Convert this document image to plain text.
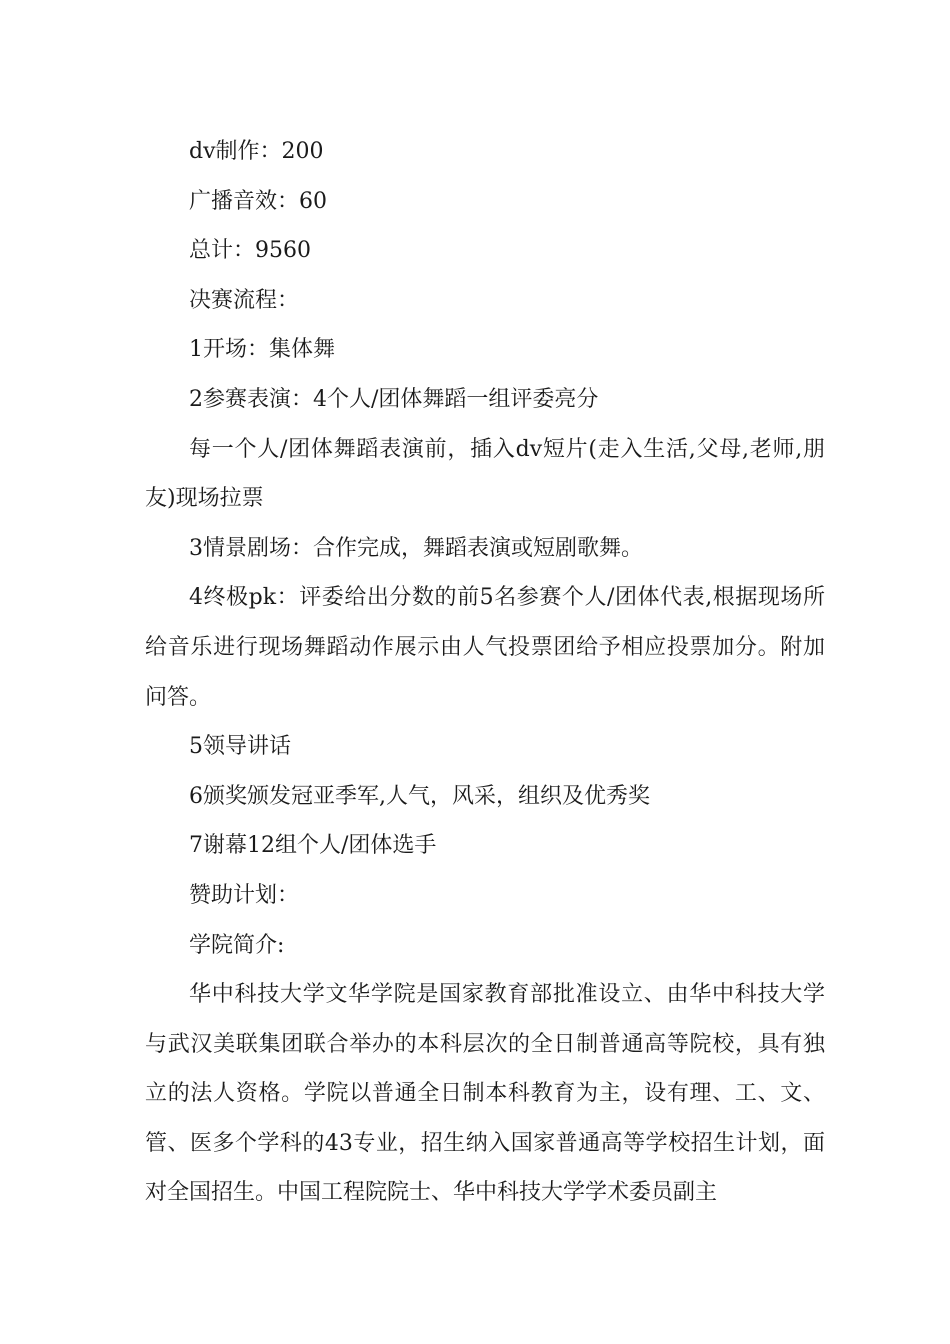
dv制作：200

广播音效：60

总计：9560

决赛流程：

1开场：集体舞

2参赛表演：4个人/团体舞蹈一组评委亮分

每一个人/团体舞蹈表演前，插入dv短片(走入生活,父母,老师,朋友)现场拉票

3情景剧场：合作完成，舞蹈表演或短剧歌舞。

4终极pk：评委给出分数的前5名参赛个人/团体代表,根据现场所给音乐进行现场舞蹈动作展示由人气投票团给予相应投票加分。附加问答。

5领导讲话

6颁奖颁发冠亚季军,人气，风采，组织及优秀奖

7谢幕12组个人/团体选手

赞助计划：

学院简介:

华中科技大学文华学院是国家教育部批准设立、由华中科技大学与武汉美联集团联合举办的本科层次的全日制普通高等院校，具有独立的法人资格。学院以普通全日制本科教育为主，设有理、工、文、管、医多个学科的43专业，招生纳入国家普通高等学校招生计划，面对全国招生。中国工程院院士、华中科技大学学术委员副主
